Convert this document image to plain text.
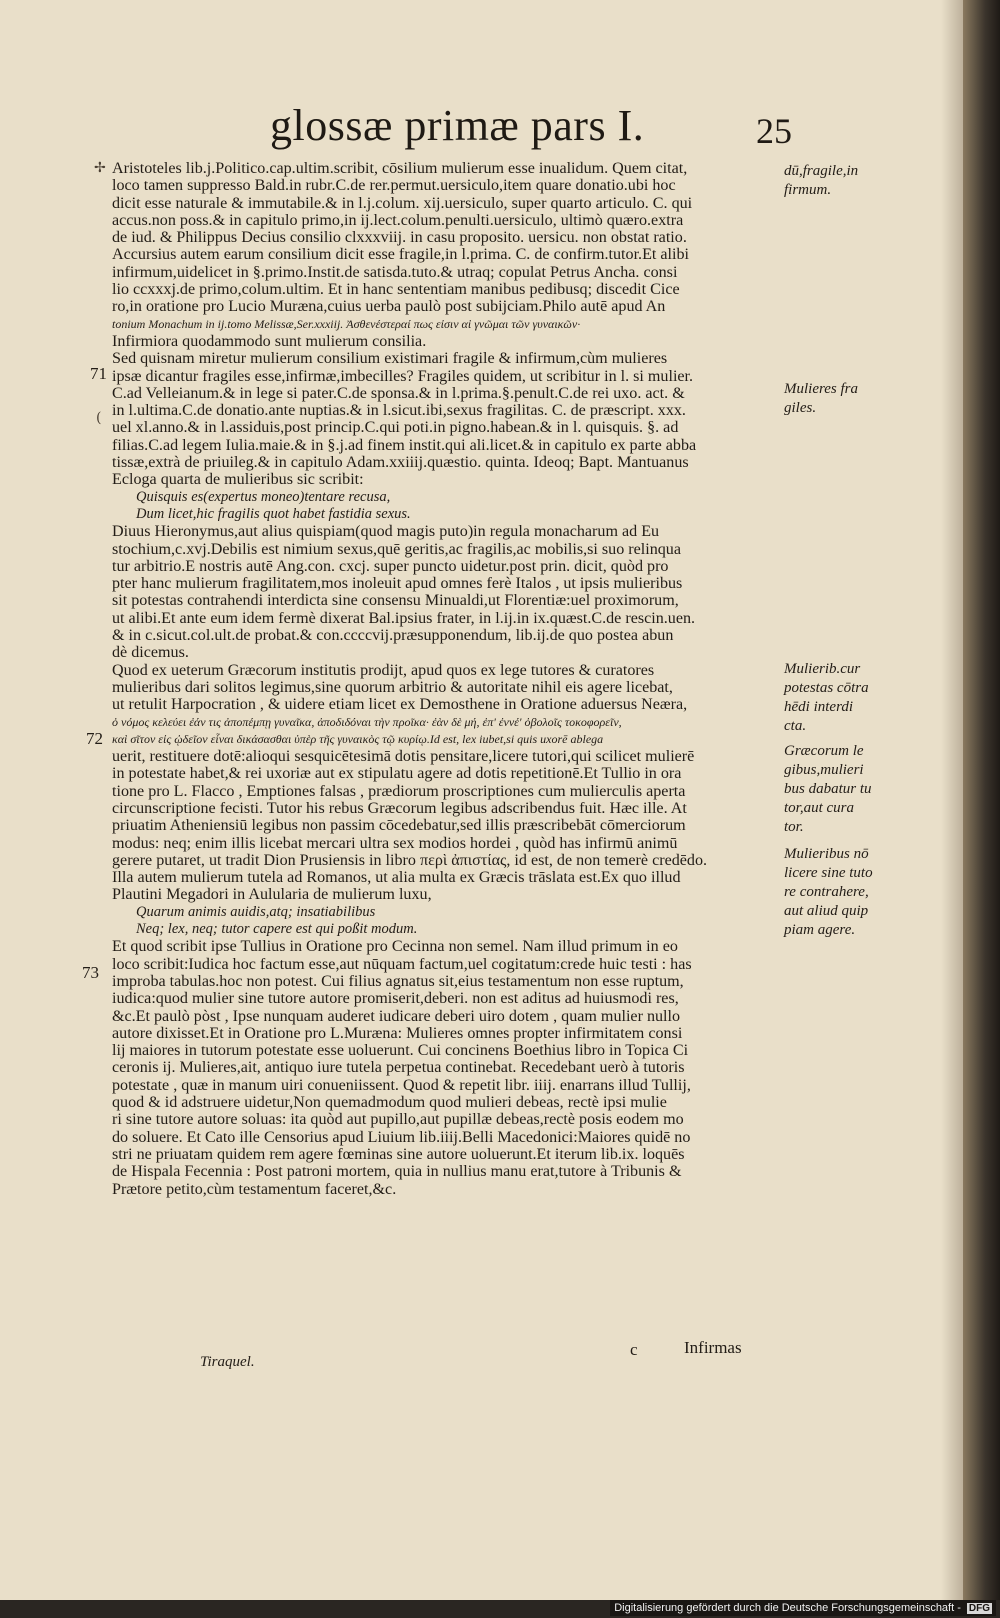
glossæ primæ pars I.	25
✢
(
71
72
73
Aristoteles lib.j.Politico.cap.ultim.scribit, cōsilium mulierum esse inualidum. Quem citat,
loco tamen suppresso Bald.in rubr.C.de rer.permut.uersiculo,item quare donatio.ubi hoc
dicit esse naturale & immutabile.& in l.j.colum. xij.uersiculo, super quarto articulo. C. qui
accus.non poss.& in capitulo primo,in ij.lect.colum.penulti.uersiculo, ultimò quæro.extra
de iud. & Philippus Decius consilio clxxxviij. in casu proposito. uersicu. non obstat ratio.
Accursius autem earum consilium dicit esse fragile,in l.prima. C. de confirm.tutor.Et alibi
infirmum,uidelicet in §.primo.Instit.de satisda.tuto.& utraq; copulat Petrus Ancha. consi
lio ccxxxj.de primo,colum.ultim. Et in hanc sententiam manibus pedibusq; discedit Cice
ro,in oratione pro Lucio Muræna,cuius uerba paulò post subijciam.Philo autē apud An
tonium Monachum in ij.tomo Melissæ,Ser.xxxiij. Ἀσθενέστεραί πως εἰσιν αἱ γνῶμαι τῶν γυναικῶν·
Infirmiora quodammodo sunt mulierum consilia.
Sed quisnam miretur mulierum consilium existimari fragile & infirmum,cùm mulieres
ipsæ dicantur fragiles esse,infirmæ,imbecilles? Fragiles quidem, ut scribitur in l. si mulier.
C.ad Velleianum.& in lege si pater.C.de sponsa.& in l.prima.§.penult.C.de rei uxo. act. &
in l.ultima.C.de donatio.ante nuptias.& in l.sicut.ibi,sexus fragilitas. C. de præscript. xxx.
uel xl.anno.& in l.assiduis,post princip.C.qui poti.in pigno.habean.& in l. quisquis. §. ad
filias.C.ad legem Iulia.maie.& in §.j.ad finem instit.qui ali.licet.& in capitulo ex parte abba
tissæ,extrà de priuileg.& in capitulo Adam.xxiiij.quæstio. quinta. Ideoq; Bapt. Mantuanus
Ecloga quarta de mulieribus sic scribit:
Quisquis es(expertus moneo)tentare recusa,
Dum licet,hic fragilis quot habet fastidia sexus.
Diuus Hieronymus,aut alius quispiam(quod magis puto)in regula monacharum ad Eu
stochium,c.xvj.Debilis est nimium sexus,quē geritis,ac fragilis,ac mobilis,si suo relinqua
tur arbitrio.E nostris autē Ang.con. cxcj. super puncto uidetur.post prin. dicit, quòd pro
pter hanc mulierum fragilitatem,mos inoleuit apud omnes ferè Italos , ut ipsis mulieribus
sit potestas contrahendi interdicta sine consensu Minualdi,ut Florentiæ:uel proximorum,
ut alibi.Et ante eum idem fermè dixerat Bal.ipsius frater, in l.ij.in ix.quæst.C.de rescin.uen.
& in c.sicut.col.ult.de probat.& con.ccccvij.præsupponendum, lib.ij.de quo postea abun
dè dicemus.
Quod ex ueterum Græcorum institutis prodijt, apud quos ex lege tutores & curatores
mulieribus dari solitos legimus,sine quorum arbitrio & autoritate nihil eis agere licebat,
ut retulit Harpocration , & uidere etiam licet ex Demosthene in Oratione aduersus Neæra,
ὁ νόμος κελεύει ἐάν τις ἀποπέμπῃ γυναῖκα, ἀποδιδόναι τὴν προῖκα· ἐὰν δὲ μή, ἐπ' ἐννέ' ὀβολοῖς τοκοφορεῖν,
καὶ σῖτον εἰς ᾠδεῖον εἶναι δικάσασθαι ὑπὲρ τῆς γυναικὸς τῷ κυρίῳ.Id est, lex iubet,si quis uxorē ablega
uerit, restituere dotē:alioqui sesquicētesimā dotis pensitare,licere tutori,qui scilicet mulierē
in potestate habet,& rei uxoriæ aut ex stipulatu agere ad dotis repetitionē.Et Tullio in ora
tione pro L. Flacco , Emptiones falsas , prædiorum proscriptiones cum mulierculis aperta
circunscriptione fecisti. Tutor his rebus Græcorum legibus adscribendus fuit. Hæc ille. At
priuatim Atheniensiū legibus non passim cōcedebatur,sed illis præscribebāt cōmerciorum
modus: neq; enim illis licebat mercari ultra sex modios hordei , quòd has infirmū animū
gerere putaret, ut tradit Dion Prusiensis in libro περὶ ἀπιστίας, id est, de non temerè credēdo.
Illa autem mulierum tutela ad Romanos, ut alia multa ex Græcis trāslata est.Ex quo illud
Plautini Megadori in Aulularia de mulierum luxu,
Quarum animis auidis,atq; insatiabilibus
Neq; lex, neq; tutor capere est qui poßit modum.
Et quod scribit ipse Tullius in Oratione pro Cecinna non semel. Nam illud primum in eo
loco scribit:Iudica hoc factum esse,aut nūquam factum,uel cogitatum:crede huic testi : has
improba tabulas.hoc non potest. Cui filius agnatus sit,eius testamentum non esse ruptum,
iudica:quod mulier sine tutore autore promiserit,deberi. non est aditus ad huiusmodi res,
&c.Et paulò pòst , Ipse nunquam auderet iudicare deberi uiro dotem , quam mulier nullo
autore dixisset.Et in Oratione pro L.Muræna: Mulieres omnes propter infirmitatem consi
lij maiores in tutorum potestate esse uoluerunt. Cui concinens Boethius libro in Topica Ci
ceronis ij. Mulieres,ait, antiquo iure tutela perpetua continebat. Recedebant uerò à tutoris
potestate , quæ in manum uiri conueniissent. Quod & repetit libr. iiij. enarrans illud Tullij,
quod & id adstruere uidetur,Non quemadmodum quod mulieri debeas, rectè ipsi mulie
ri sine tutore autore soluas: ita quòd aut pupillo,aut pupillæ debeas,rectè posis eodem mo
do soluere. Et Cato ille Censorius apud Liuium lib.iiij.Belli Macedonici:Maiores quidē no
stri ne priuatam quidem rem agere fœminas sine autore uoluerunt.Et iterum lib.ix. loquēs
de Hispala Fecennia : Post patroni mortem, quia in nullius manu erat,tutore à Tribunis &
Prætore petito,cùm testamentum faceret,&c.
dū,fragile,in
firmum.
Mulieres fra
giles.
Mulierib.cur
potestas cōtra
hēdi interdi
cta.
Græcorum le
gibus,mulieri
bus dabatur tu
tor,aut cura
tor.
Mulieribus nō
licere sine tuto
re contrahere,
aut aliud quip
piam agere.
Tiraquel.
c	Infirmas
Digitalisierung gefördert durch die Deutsche Forschungsgemeinschaft - DFG
